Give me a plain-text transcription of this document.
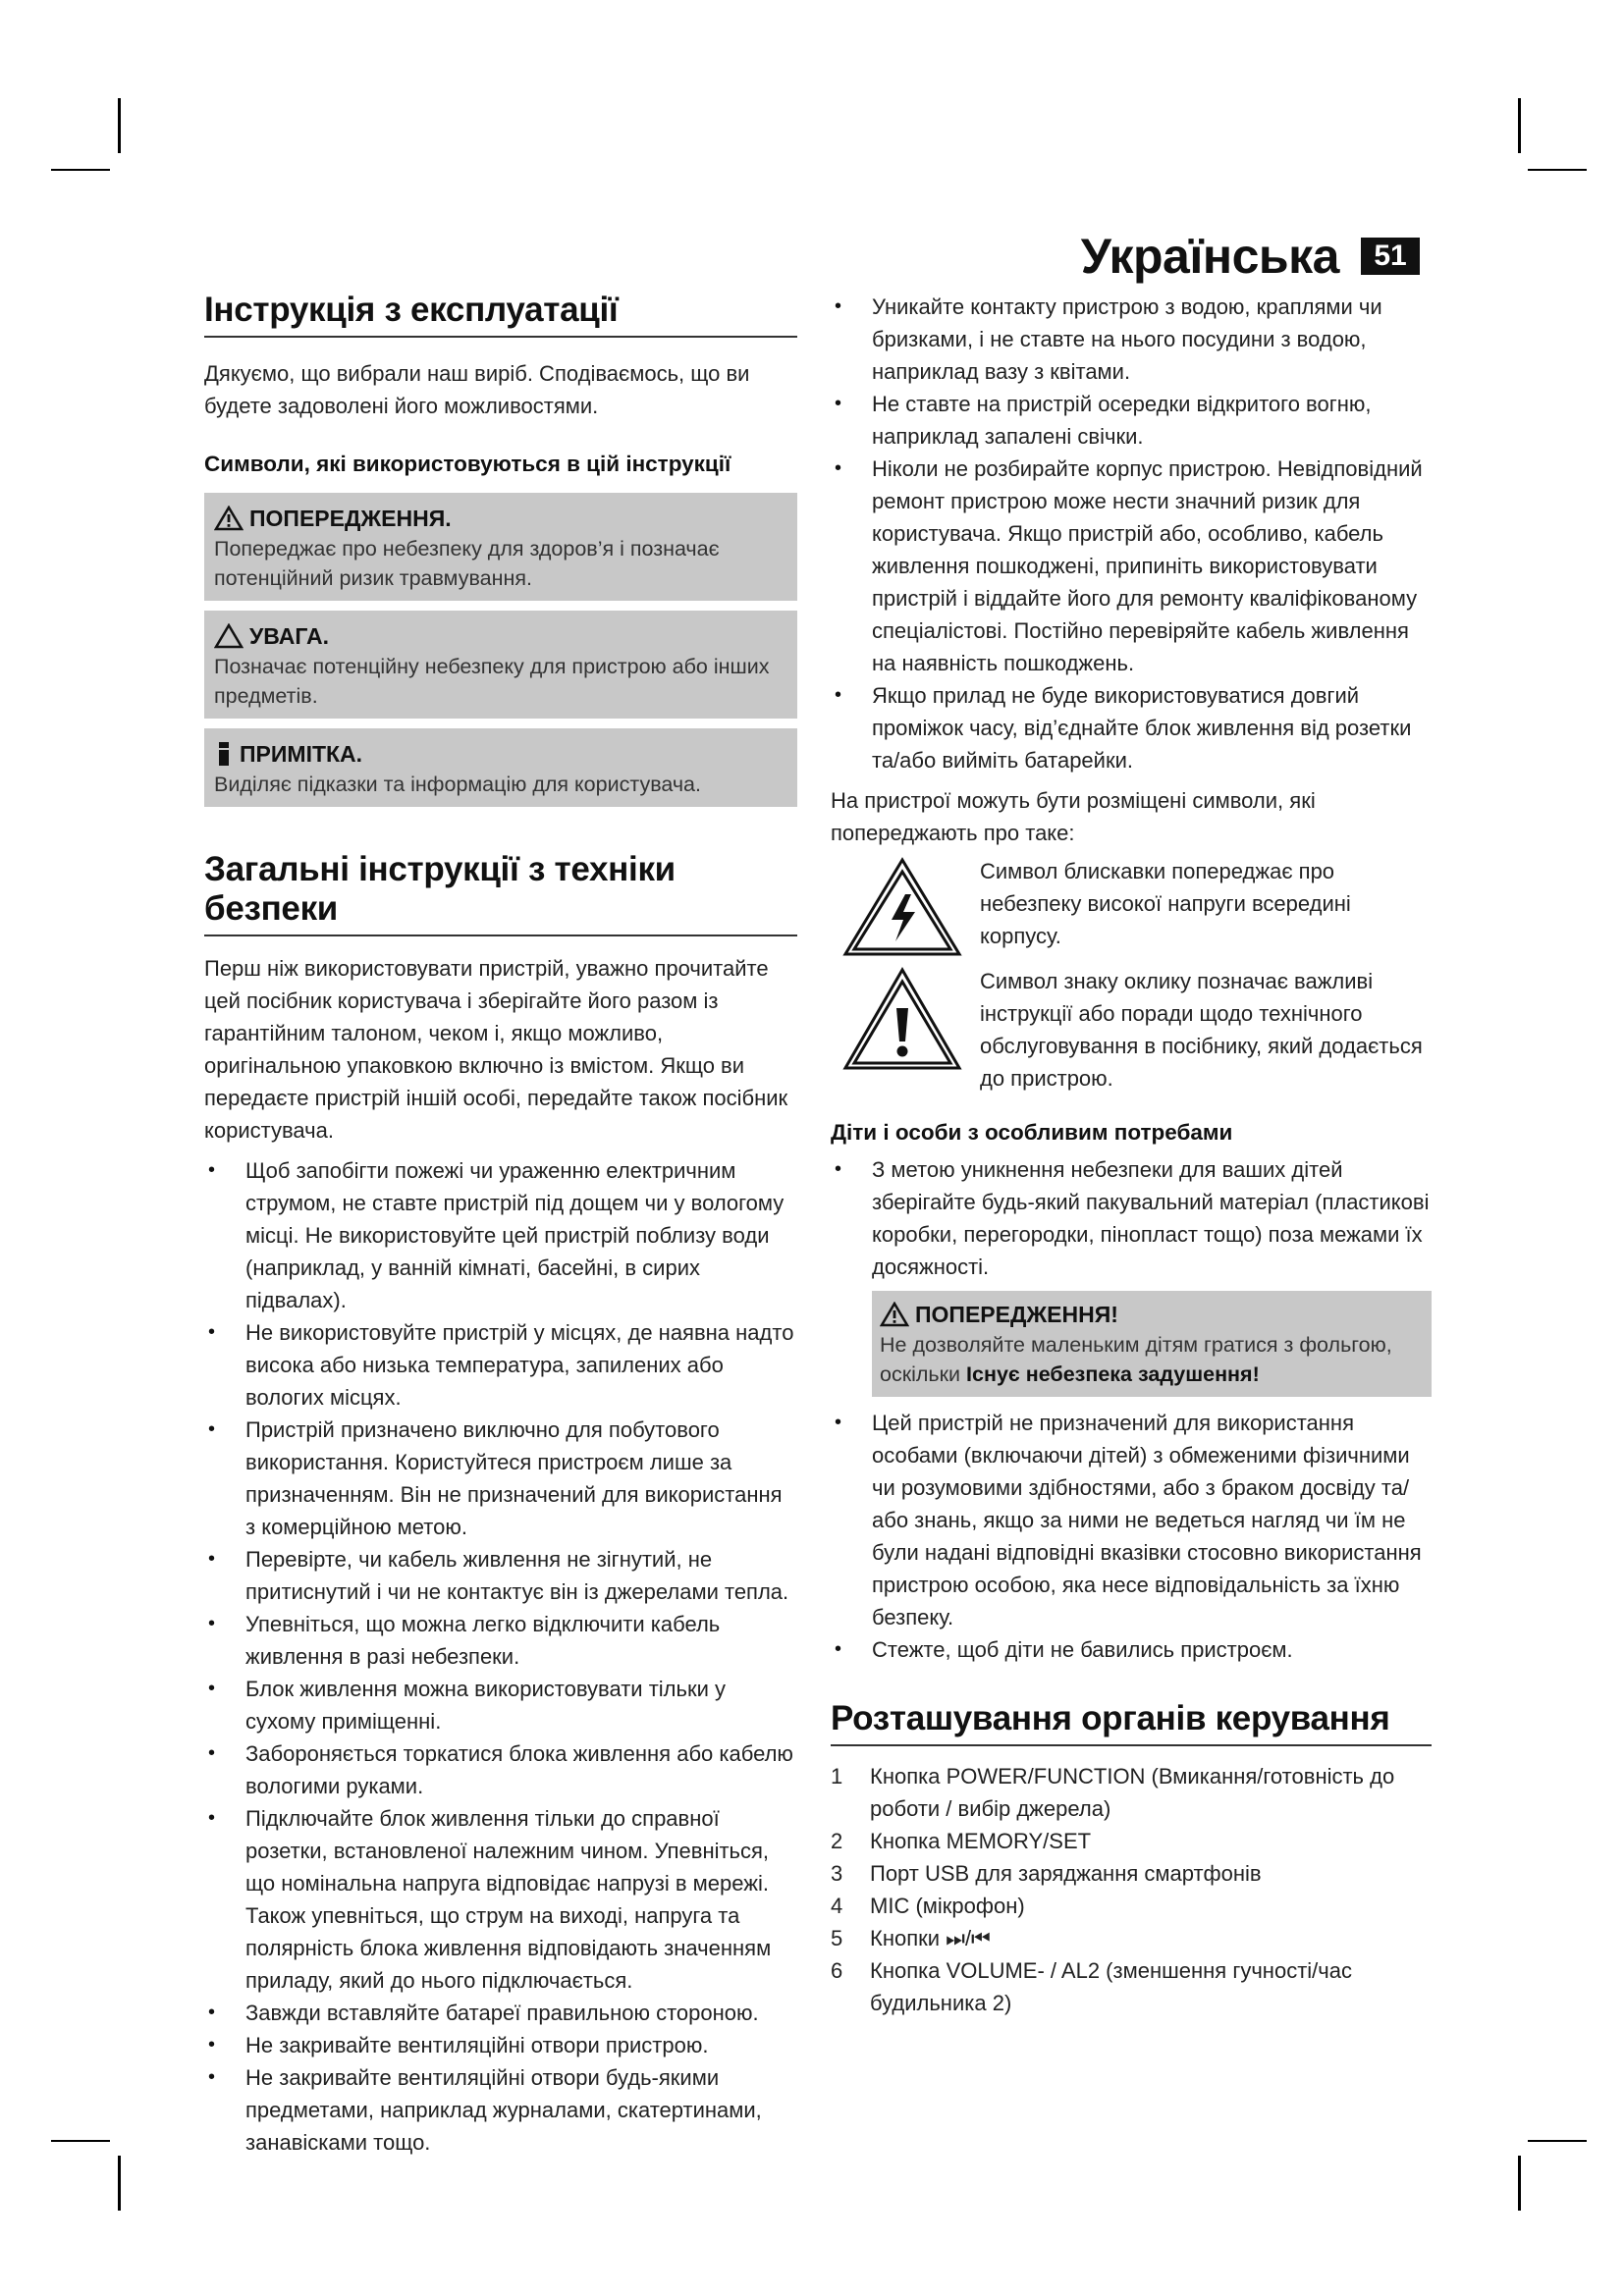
Українська	51
Інструкція з експлуатації

Дякуємо, що вибрали наш виріб. Сподіваємось, що ви будете задоволені його можливостями.

Символи, які використовуються в цій інструкції
ПОПЕРЕДЖЕННЯ.
Попереджає про небезпеку для здоров’я і позначає потенційний ризик травмування.
УВАГА.
Позначає потенційну небезпеку для пристрою або інших предметів.
ПРИМІТКА.
Виділяє підказки та інформацію для користувача.
Загальні інструкції з техніки безпеки

Перш ніж використовувати пристрій, уважно прочитайте цей посібник користувача і зберігайте його разом із гарантійним талоном, чеком і, якщо можливо, оригінальною упаковкою включно із вмістом. Якщо ви передаєте пристрій іншій особі, передайте також посібник користувача.

• Щоб запобігти пожежі чи ураженню електричним струмом, не ставте пристрій під дощем чи у вологому місці. Не використовуйте цей пристрій поблизу води (наприклад, у ванній кімнаті, басейні, в сирих підвалах).
• Не використовуйте пристрій у місцях, де наявна надто висока або низька температура, запилених або вологих місцях.
• Пристрій призначено виключно для побутового використання. Користуйтеся пристроєм лише за призначенням. Він не призначений для використання з комерційною метою.
• Перевірте, чи кабель живлення не зігнутий, не притиснутий і чи не контактує він із джерелами тепла.
• Упевніться, що можна легко відключити кабель живлення в разі небезпеки.
• Блок живлення можна використовувати тільки у сухому приміщенні.
• Забороняється торкатися блока живлення або кабелю вологими руками.
• Підключайте блок живлення тільки до справної розетки, встановленої належним чином. Упевніться, що номінальна напруга відповідає напрузі в мережі. Також упевніться, що струм на виході, напруга та полярність блока живлення відповідають значенням приладу, який до нього підключається.
• Завжди вставляйте батареї правильною стороною.
• Не закривайте вентиляційні отвори пристрою.
• Не закривайте вентиляційні отвори будь-якими предметами, наприклад журналами, скатертинами, занавісками тощо.
• Уникайте контакту пристрою з водою, краплями чи бризками, і не ставте на нього посудини з водою, наприклад вазу з квітами.
• Не ставте на пристрій осередки відкритого вогню, наприклад запалені свічки.
• Ніколи не розбирайте корпус пристрою. Невідповідний ремонт пристрою може нести значний ризик для користувача. Якщо пристрій або, особливо, кабель живлення пошкоджені, припиніть використовувати пристрій і віддайте його для ремонту кваліфікованому спеціалістові. Постійно перевіряйте кабель живлення на наявність пошкоджень.
• Якщо прилад не буде використовуватися довгий проміжок часу, від’єднайте блок живлення від розетки та/або вийміть батарейки.

На пристрої можуть бути розміщені символи, які попереджають про таке:

Символ блискавки попереджає про небезпеку високої напруги всередині корпусу.
Символ знаку оклику позначає важливі інструкції або поради щодо технічного обслуговування в посібнику, який додається до пристрою.
Діти і особи з особливим потребами
• З метою уникнення небезпеки для ваших дітей зберігайте будь-який пакувальний матеріал (пластикові коробки, перегородки, пінопласт тощо) поза межами їх досяжності.
ПОПЕРЕДЖЕННЯ!
Не дозволяйте маленьким дітям гратися з фольгою, оскільки Існує небезпека задушення!
• Цей пристрій не призначений для використання особами (включаючи дітей) з обмеженими фізичними чи розумовими здібностями, або з браком досвіду та/або знань, якщо за ними не ведеться нагляд чи їм не були надані відповідні вказівки стосовно використання пристрою особою, яка несе відповідальність за їхню безпеку.
• Стежте, щоб діти не бавились пристроєм.
Розташування органів керування
1	Кнопка POWER/FUNCTION (Вмикання/готовність до роботи / вибір джерела)
2	Кнопка MEMORY/SET
3	Порт USB для заряджання смартфонів
4	MIC (мікрофон)
5	Кнопки ⏭/⏮
6	Кнопка VOLUME- / AL2 (зменшення гучності/час будильника 2)
